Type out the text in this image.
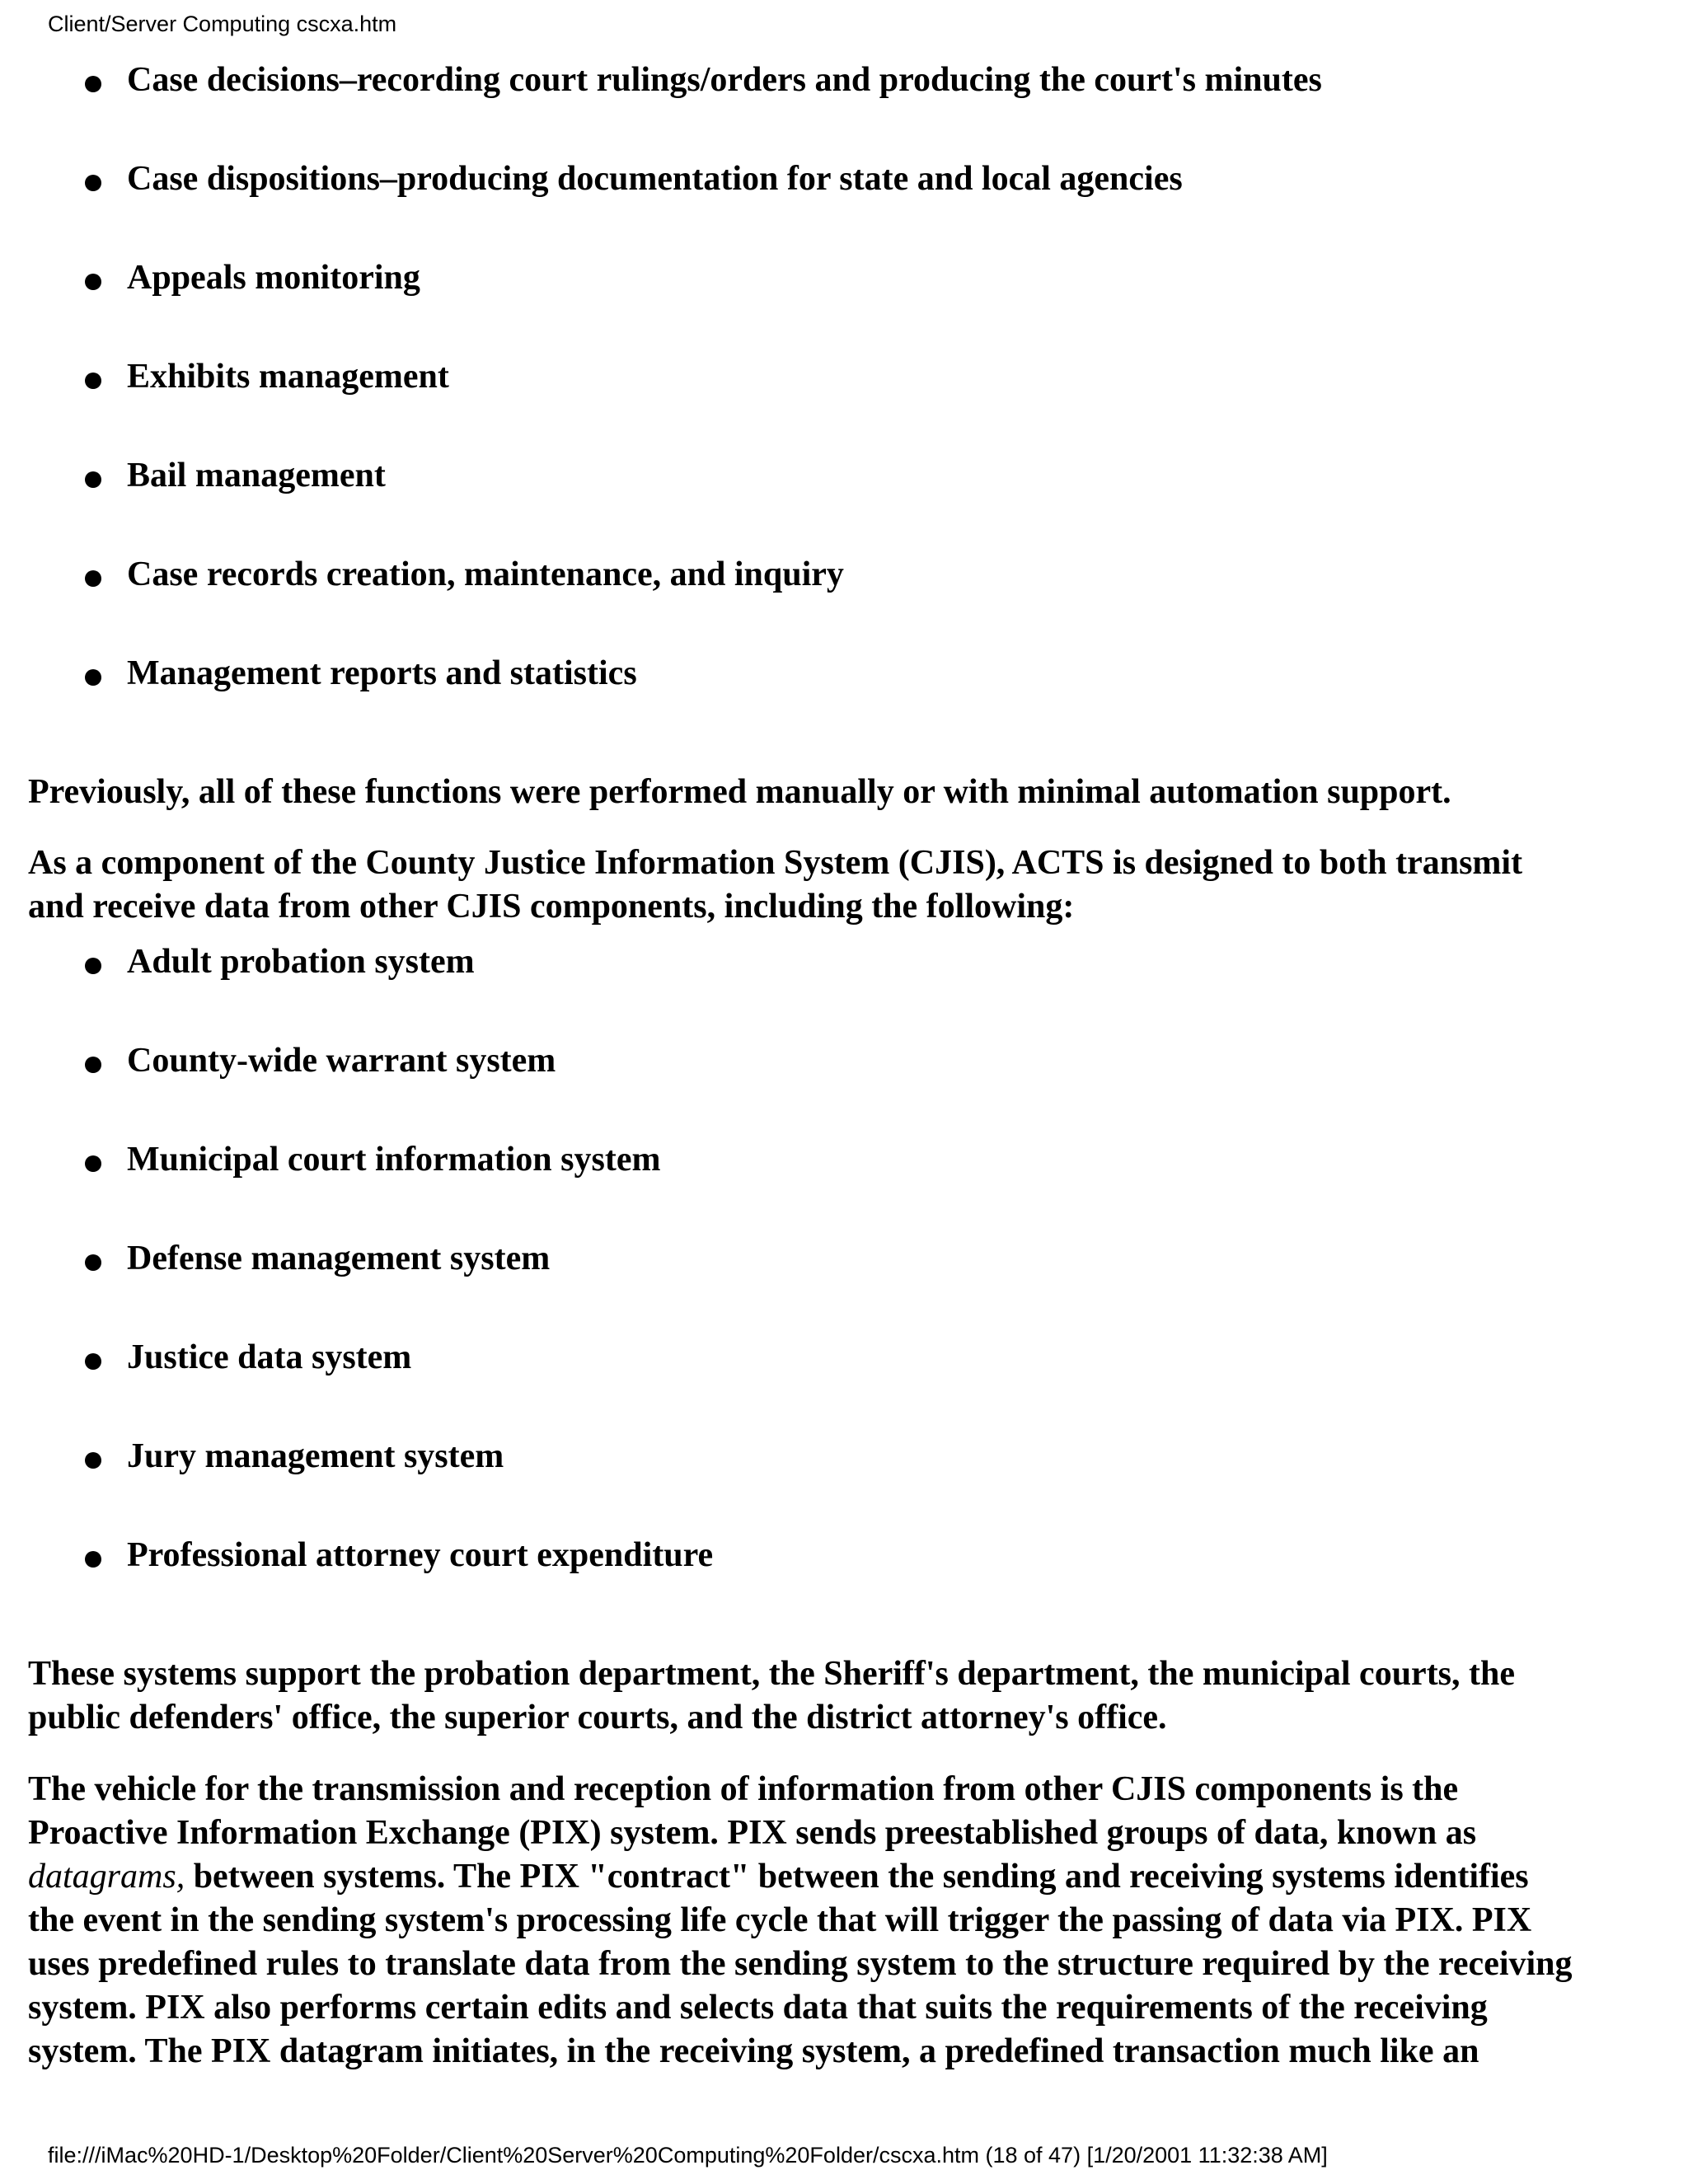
Client/Server Computing cscxa.htm
Case decisions–recording court rulings/orders and producing the court's minutes
Case dispositions–producing documentation for state and local agencies
Appeals monitoring
Exhibits management
Bail management
Case records creation, maintenance, and inquiry
Management reports and statistics

Previously, all of these functions were performed manually or with minimal automation support.

As a component of the County Justice Information System (CJIS), ACTS is designed to both transmit
and receive data from other CJIS components, including the following:

Adult probation system
County-wide warrant system
Municipal court information system
Defense management system
Justice data system
Jury management system
Professional attorney court expenditure

These systems support the probation department, the Sheriff's department, the municipal courts, the
public defenders' office, the superior courts, and the district attorney's office.

The vehicle for the transmission and reception of information from other CJIS components is the
Proactive Information Exchange (PIX) system. PIX sends preestablished groups of data, known as
datagrams, between systems. The PIX "contract" between the sending and receiving systems identifies
the event in the sending system's processing life cycle that will trigger the passing of data via PIX. PIX
uses predefined rules to translate data from the sending system to the structure required by the receiving
system. PIX also performs certain edits and selects data that suits the requirements of the receiving
system. The PIX datagram initiates, in the receiving system, a predefined transaction much like an

file:///iMac%20HD-1/Desktop%20Folder/Client%20Server%20Computing%20Folder/cscxa.htm (18 of 47) [1/20/2001 11:32:38 AM]
